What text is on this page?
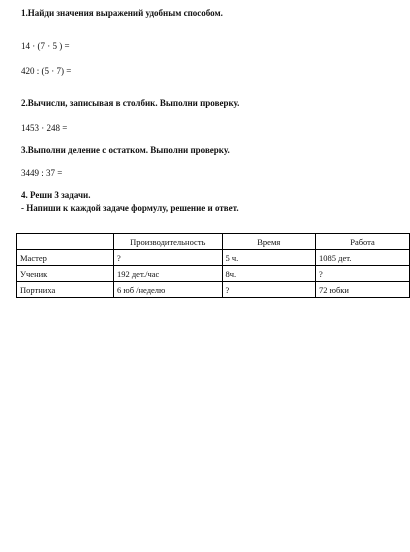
1.Найди значения выражений удобным способом.
14 · (7 · 5 ) =
420 : (5 · 7) =
2.Вычисли, записывая в столбик. Выполни проверку.
1453 · 248 =
3.Выполни деление с остатком. Выполни проверку.
3449 : 37 =
4. Реши 3 задачи.
- Напиши к каждой задаче формулу, решение и ответ.
	Производительность	Время	Работа
Мастер	?	5 ч.	1085 дет.
Ученик	192 дет./час	8ч.	?
Портниха	6 юб /неделю	?	72 юбки
